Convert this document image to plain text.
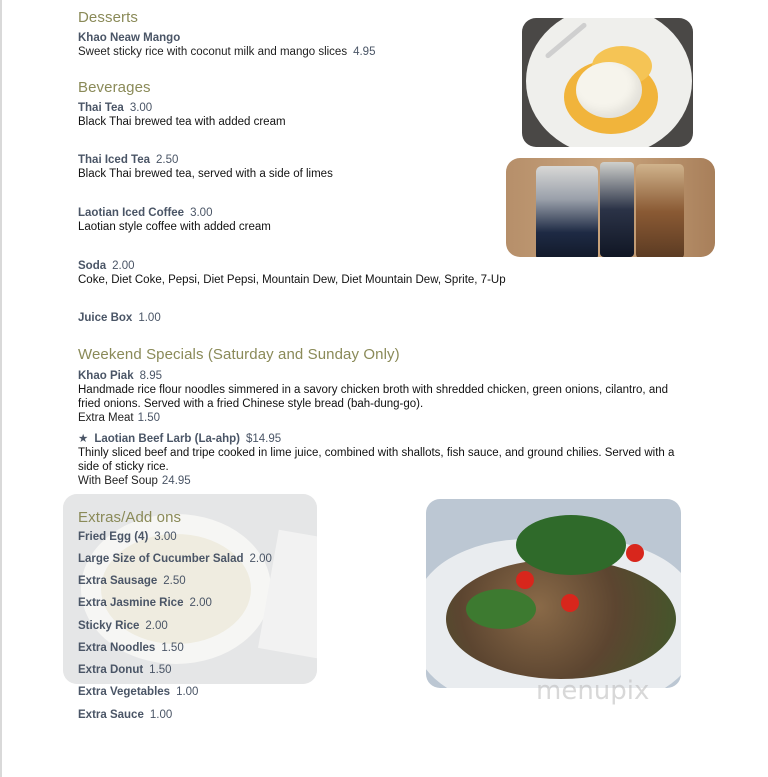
Desserts
Khao Neaw Mango
Sweet sticky rice with coconut milk and mango slices 4.95
Beverages
Thai Tea 3.00
Black Thai brewed tea with added cream
Thai Iced Tea 2.50
Black Thai brewed tea, served with a side of limes
Laotian Iced Coffee 3.00
Laotian style coffee with added cream
Soda 2.00
Coke, Diet Coke, Pepsi, Diet Pepsi, Mountain Dew, Diet Mountain Dew, Sprite, 7-Up
Juice Box 1.00
Weekend Specials (Saturday and Sunday Only)
Khao Piak 8.95
Handmade rice flour noodles simmered in a savory chicken broth with shredded chicken, green onions, cilantro, and fried onions. Served with a fried Chinese style bread (bah-dung-go).
Extra Meat 1.50
★ Laotian Beef Larb (La-ahp) $14.95
Thinly sliced beef and tripe cooked in lime juice, combined with shallots, fish sauce, and ground chilies. Served with a side of sticky rice.
With Beef Soup 24.95
Extras/Add ons
Fried Egg (4) 3.00
Large Size of Cucumber Salad 2.00
Extra Sausage 2.50
Extra Jasmine Rice 2.00
Sticky Rice 2.00
Extra Noodles 1.50
Extra Donut 1.50
Extra Vegetables 1.00
Extra Sauce 1.00
menupix
